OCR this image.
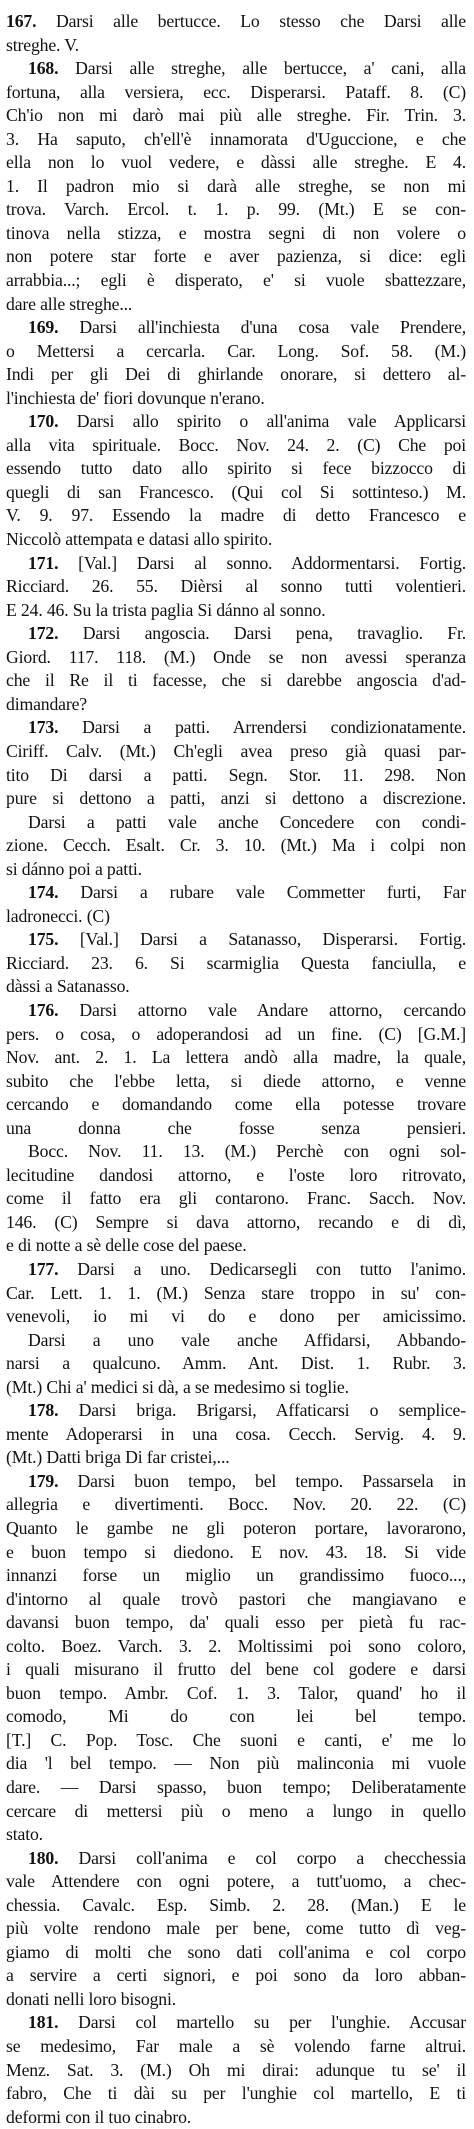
167. Darsi alle bertucce. Lo stesso che Darsi alle
streghe. V.
168. Darsi alle streghe, alle bertucce, a' cani, alla
fortuna, alla versiera, ecc. Disperarsi. Pataff. 8. (C)
Ch'io non mi darò mai più alle streghe. Fir. Trin. 3.
3. Ha saputo, ch'ell'è innamorata d'Uguccione, e che
ella non lo vuol vedere, e dàssi alle streghe. E 4.
1. Il padron mio si darà alle streghe, se non mi
trova. Varch. Ercol. t. 1. p. 99. (Mt.) E se con-
tinova nella stizza, e mostra segni di non volere o
non potere star forte e aver pazienza, si dice: egli
arrabbia...; egli è disperato, e' si vuole sbattezzare,
dare alle streghe...
169. Darsi all'inchiesta d'una cosa vale Prendere,
o Mettersi a cercarla. Car. Long. Sof. 58. (M.)
Indi per gli Dei di ghirlande onorare, si dettero al-
l'inchiesta de' fiori dovunque n'erano.
170. Darsi allo spirito o all'anima vale Applicarsi
alla vita spirituale. Bocc. Nov. 24. 2. (C) Che poi
essendo tutto dato allo spirito si fece bizzocco di
quegli di san Francesco. (Qui col Si sottinteso.) M.
V. 9. 97. Essendo la madre di detto Francesco e
Niccolò attempata e datasi allo spirito.
171. [Val.] Darsi al sonno. Addormentarsi. Fortig.
Ricciard. 26. 55. Dièrsi al sonno tutti volentieri.
E 24. 46. Su la trista paglia Si dánno al sonno.
172. Darsi angoscia. Darsi pena, travaglio. Fr.
Giord. 117. 118. (M.) Onde se non avessi speranza
che il Re il ti facesse, che si darebbe angoscia d'ad-
dimandare?
173. Darsi a patti. Arrendersi condizionatamente.
Ciriff. Calv. (Mt.) Ch'egli avea preso già quasi par-
tito Di darsi a patti. Segn. Stor. 11. 298. Non
pure si dettono a patti, anzi si dettono a discrezione.
Darsi a patti vale anche Concedere con condi-
zione. Cecch. Esalt. Cr. 3. 10. (Mt.) Ma i colpi non
si dánno poi a patti.
174. Darsi a rubare vale Commetter furti, Far
ladronecci. (C)
175. [Val.] Darsi a Satanasso, Disperarsi. Fortig.
Ricciard. 23. 6. Si scarmiglia Questa fanciulla, e
dàssi a Satanasso.
176. Darsi attorno vale Andare attorno, cercando
pers. o cosa, o adoperandosi ad un fine. (C) [G.M.]
Nov. ant. 2. 1. La lettera andò alla madre, la quale,
subito che l'ebbe letta, si diede attorno, e venne
cercando e domandando come ella potesse trovare
una donna che fosse senza pensieri.
Bocc. Nov. 11. 13. (M.) Perchè con ogni sol-
lecitudine dandosi attorno, e l'oste loro ritrovato,
come il fatto era gli contarono. Franc. Sacch. Nov.
146. (C) Sempre si dava attorno, recando e di dì,
e di notte a sè delle cose del paese.
177. Darsi a uno. Dedicarsegli con tutto l'animo.
Car. Lett. 1. 1. (M.) Senza stare troppo in su' con-
venevoli, io mi vi do e dono per amicissimo.
Darsi a uno vale anche Affidarsi, Abbando-
narsi a qualcuno. Amm. Ant. Dist. 1. Rubr. 3.
(Mt.) Chi a' medici si dà, a se medesimo si toglie.
178. Darsi briga. Brigarsi, Affaticarsi o semplice-
mente Adoperarsi in una cosa. Cecch. Servig. 4. 9.
(Mt.) Datti briga Di far cristei,...
179. Darsi buon tempo, bel tempo. Passarsela in
allegria e divertimenti. Bocc. Nov. 20. 22. (C)
Quanto le gambe ne gli poteron portare, lavorarono,
e buon tempo si diedono. E nov. 43. 18. Si vide
innanzi forse un miglio un grandissimo fuoco...,
d'intorno al quale trovò pastori che mangiavano e
davansi buon tempo, da' quali esso per pietà fu rac-
colto. Boez. Varch. 3. 2. Moltissimi poi sono coloro,
i quali misurano il frutto del bene col godere e darsi
buon tempo. Ambr. Cof. 1. 3. Talor, quand' ho il
comodo, Mi do con lei bel tempo.
[T.] C. Pop. Tosc. Che suoni e canti, e' me lo
dia 'l bel tempo. — Non più malinconia mi vuole
dare. — Darsi spasso, buon tempo; Deliberatamente
cercare di mettersi più o meno a lungo in quello
stato.
180. Darsi coll'anima e col corpo a checchessia
vale Attendere con ogni potere, a tutt'uomo, a chec-
chessia. Cavalc. Esp. Simb. 2. 28. (Man.) E le
più volte rendono male per bene, come tutto dì veg-
giamo di molti che sono dati coll'anima e col corpo
a servire a certi signori, e poi sono da loro abban-
donati nelli loro bisogni.
181. Darsi col martello su per l'unghie. Accusar
se medesimo, Far male a sè volendo farne altrui.
Menz. Sat. 3. (M.) Oh mi dirai: adunque tu se' il
fabro, Che ti dài su per l'unghie col martello, E ti
deformi con il tuo cinabro.
